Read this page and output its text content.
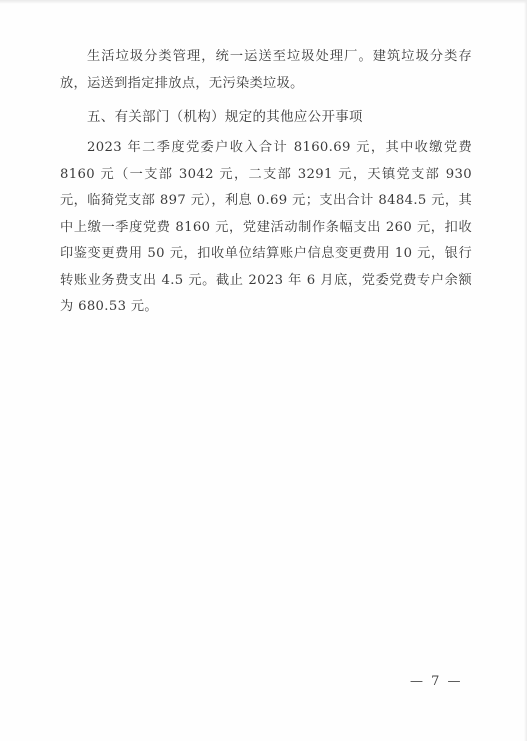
生活垃圾分类管理，统一运送至垃圾处理厂。建筑垃圾分类存放，运送到指定排放点，无污染类垃圾。

五、有关部门（机构）规定的其他应公开事项

2023 年二季度党委户收入合计 8160.69 元，其中收缴党费 8160 元（一支部 3042 元，二支部 3291 元，天镇党支部 930 元，临猗党支部 897 元），利息 0.69 元；支出合计 8484.5 元，其中上缴一季度党费 8160 元，党建活动制作条幅支出 260 元，扣收印鉴变更费用 50 元，扣收单位结算账户信息变更费用 10 元，银行转账业务费支出 4.5 元。截止 2023 年 6 月底，党委党费专户余额为 680.53 元。

— 7 —
